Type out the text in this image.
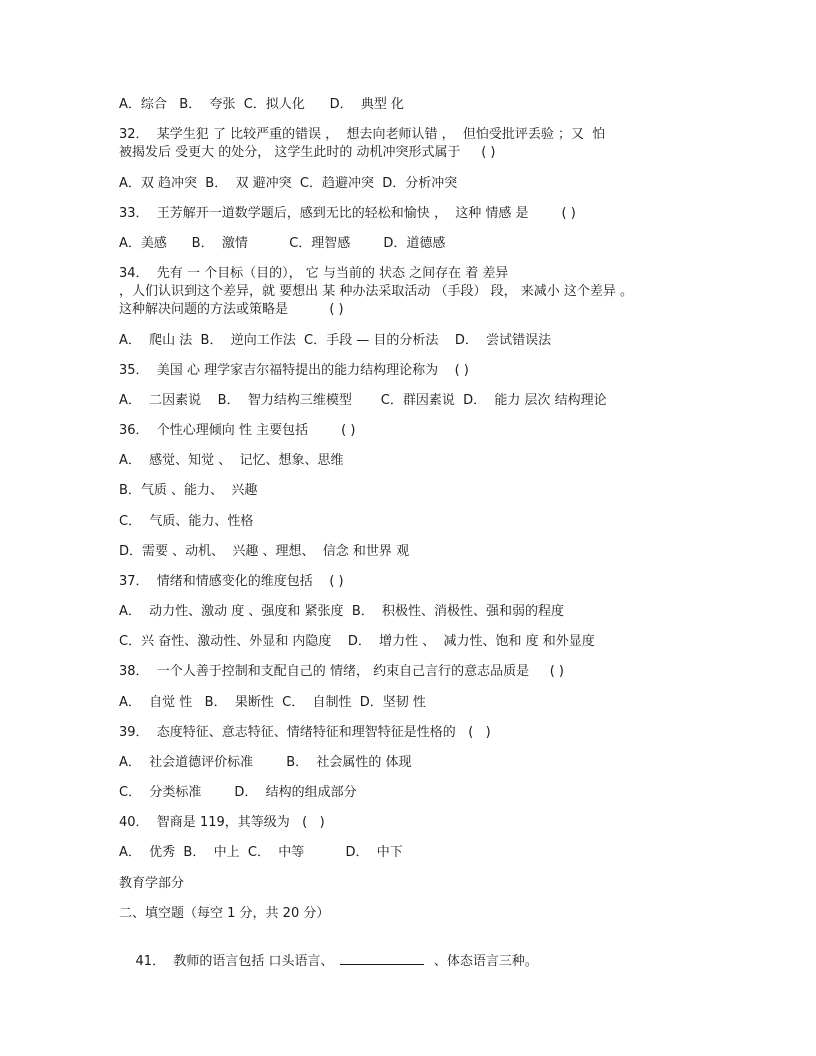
A．综合   B．  夸张  C．拟人化      D．  典型 化
32．  某学生犯 了 比较严重的错误 ，  想去向老师认错 ，  但怕受批评丢验 ；又  怕
被揭发后 受更大 的处分， 这学生此时的 动机冲突形式属于     ( )
A．双 趋冲突  B．  双 避冲突  C．趋避冲突  D．分析冲突
33．  王芳解开一道数学题后，感到无比的轻松和愉快 ，  这种 情感 是        ( )
A．美感      B．  激情          C．理智感        D．道德感
34．  先有 一 个目标（目的）， 它 与当前的 状态 之间存在 着 差异
，人们认识到这个差异，就 要想出 某 种办法采取活动 （手段） 段， 来减小 这个差异 。
这种解决问题的方法或策略是          ( )
A．  爬山 法  B．  逆向工作法  C．手段 — 目的分析法    D．  尝试错误法
35．  美国 心 理学家吉尔福特提出的能力结构理论称为    ( )
A．  二因素说    B．  智力结构三维模型       C．群因素说  D．  能力 层次 结构理论
36．  个性心理倾向 性 主要包括        ( )
A．  感觉、知觉 、  记忆、想象、思维
B．气质 、能力、  兴趣
C．  气质、能力、性格
D．需要 、动机、  兴趣 、理想、  信念 和世界 观
37．  情绪和情感变化的维度包括    ( )
A．  动力性、激动 度 、强度和 紧张度  B．  积极性、消极性、强和弱的程度
C．兴 奋性、激动性、外显和 内隐度    D．  增力性 、  减力性、饱和 度 和外显度
38．  一个人善于控制和支配自己的 情绪， 约束自己言行的意志品质是     ( )
A．  自觉 性   B．  果断性  C．  自制性  D．坚韧 性
39．  态度特征、意志特征、情绪特征和理智特征是性格的   (   )
A．  社会道德评价标准        B．  社会属性的 体现
C．  分类标准        D．  结构的组成部分
40．  智商是 119，其等级为   (   )
A．  优秀  B．  中上  C．  中等          D．  中下
教育学部分
二、填空题（每空 1 分，共 20 分）

41．  教师的语言包括 口头语言、	、体态语言三种。
